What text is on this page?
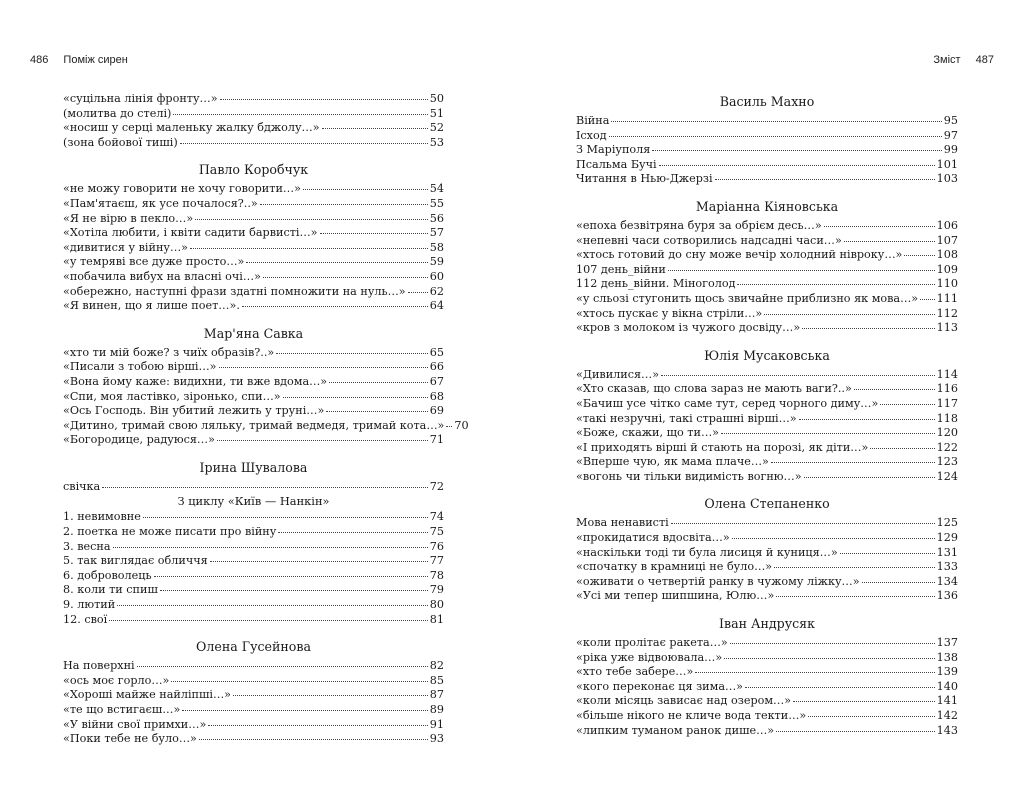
486 Поміж сирен	Зміст 487
«суцільна лінія фронту…»	50
(молитва до стелі)	51
«носиш у серці маленьку жалку бджолу…»	52
(зона бойової тиші)	53
Павло Коробчук
«не можу говорити не хочу говорити…»	54
«Пам'ятаєш, як усе почалося?..»	55
«Я не вірю в пекло…»	56
«Хотіла любити, і квіти садити барвисті…»	57
«дивитися у війну…»	58
«у темряві все дуже просто…»	59
«побачила вибух на власні очі…»	60
«обережно, наступні фрази здатні помножити на нуль…» 62
«Я винен, що я лише поет…».	64
Мар'яна Савка
«хто ти мій боже? з чиїх образів?..»	65
«Писали з тобою вірші…»	66
«Вона йому каже: видихни, ти вже вдома…»	67
«Спи, моя ластівко, зіронько, спи…»	68
«Ось Господь. Він убитий лежить у труні…»	69
«Дитино, тримай свою ляльку, тримай ведмедя, тримай кота…» 70
«Богородице, радуюся…»	71
Ірина Шувалова
свічка	72
З циклу «Київ — Нанкін»
1. невимовне	74
2. поетка не може писати про війну	75
3. весна	76
5. так виглядає обличчя	77
6. доброволець	78
8. коли ти спиш	79
9. лютий	80
12. свої	81
Олена Гусейнова
На поверхні	82
«ось моє горло…»	85
«Хороші майже найліпші…»	87
«те що встигаєш…»	89
«У війни свої примхи…»	91
«Поки тебе не було…»	93
Василь Махно
Війна	95
Ісход	97
З Маріуполя	99
Псальма Бучі	101
Читання в Нью-Джерзі	103
Маріанна Кіяновська
«епоха безвітряна буря за обрієм десь…»	106
«непевні часи сотворились надсадні часи…»	107
«хтось готовий до сну може вечір холодний нівроку…»	108
107 день_війни	109
112 день_війни. Міноголод	110
«у сльозі стугонить щось звичайне приблизно як мова…» 111
«хтось пускає у вікна стріли…»	112
«кров з молоком із чужого досвіду…»	113
Юлія Мусаковська
«Дивилися…»	114
«Хто сказав, що слова зараз не мають ваги?..»	116
«Бачиш усе чітко саме тут, серед чорного диму…»	117
«такі незручні, такі страшні вірші…»	118
«Боже, скажи, що ти…»	120
«І приходять вірші й стають на порозі, як діти…»	122
«Вперше чую, як мама плаче…»	123
«вогонь чи тільки видимість вогню…»	124
Олена Степаненко
Мова ненависті	125
«прокидатися вдосвіта…»	129
«наскільки тоді ти була лисиця й куниця…»	131
«спочатку в крамниці не було…»	133
«оживати о четвертій ранку в чужому ліжку…»	134
«Усі ми тепер шипшина, Юлю…»	136
Іван Андрусяк
«коли пролітає ракета…»	137
«ріка уже відвоювала…»	138
«хто тебе забере…»	139
«кого переконає ця зима…»	140
«коли місяць зависає над озером…»	141
«більше нікого не кличе вода текти…»	142
«липким туманом ранок дише…»	143
